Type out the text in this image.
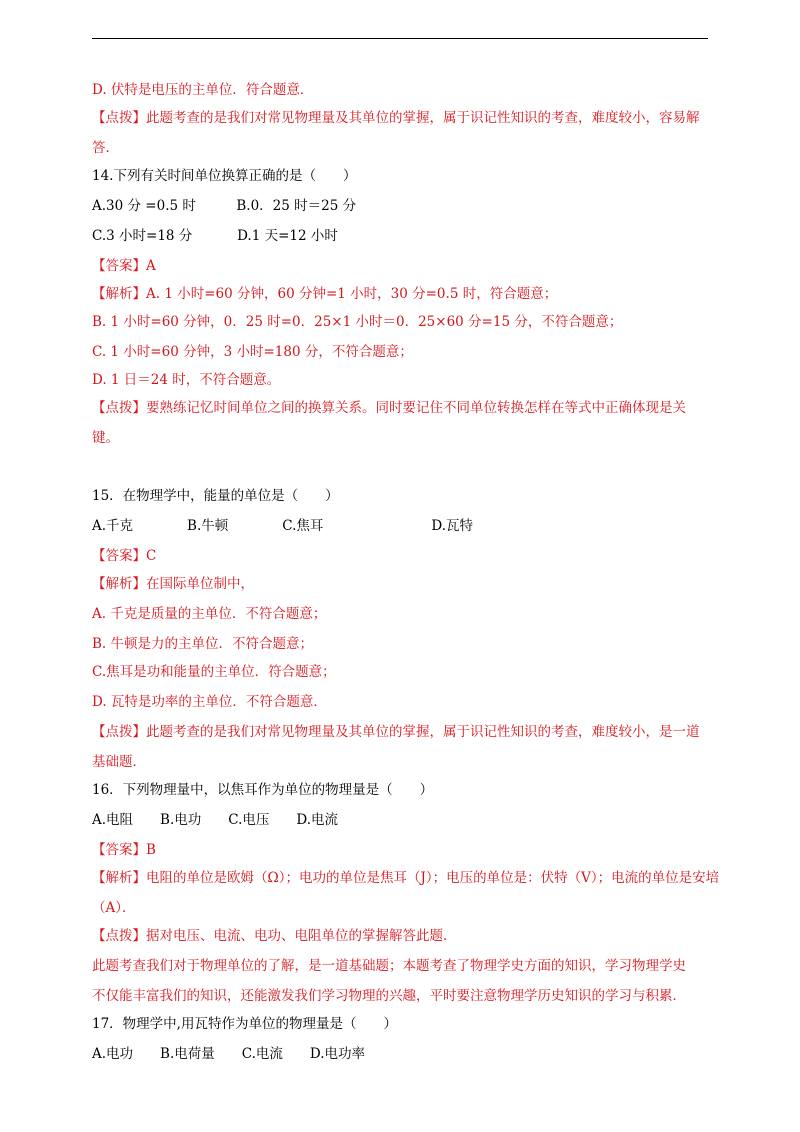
D. 伏特是电压的主单位．符合题意．
【点拨】此题考查的是我们对常见物理量及其单位的掌握，属于识记性知识的考查，难度较小，容易解
答．
14.下列有关时间单位换算正确的是（　　）
A.30 分 =0.5 时　　　B.0．25 时＝25 分
C.3 小时=18 分　　　 D.1 天=12 小时
【答案】A
【解析】A. 1 小时=60 分钟，60 分钟=1 小时，30 分=0.5 时，符合题意；
B. 1 小时=60 分钟，0．25 时=0．25×1 小时＝0．25×60 分=15 分，不符合题意；
C. 1 小时=60 分钟，3 小时=180 分，不符合题意；
D. 1 日＝24 时，不符合题意。
【点拨】要熟练记忆时间单位之间的换算关系。同时要记住不同单位转换怎样在等式中正确体现是关
键。
15．在物理学中，能量的单位是（　　）
A.千克　　　　B.牛顿　　　　C.焦耳　　　　　　　　D.瓦特
【答案】C
【解析】在国际单位制中，
A. 千克是质量的主单位．不符合题意；
B. 牛顿是力的主单位．不符合题意；
C.焦耳是功和能量的主单位．符合题意；
D. 瓦特是功率的主单位．不符合题意．
【点拨】此题考查的是我们对常见物理量及其单位的掌握，属于识记性知识的考查，难度较小，是一道
基础题．
16．下列物理量中，以焦耳作为单位的物理量是（　　）
A.电阻　　B.电功　　C.电压　　D.电流
【答案】B
【解析】电阻的单位是欧姆（Ω）；电功的单位是焦耳（J）；电压的单位是：伏特（V）；电流的单位是安培
（A）．
【点拨】据对电压、电流、电功、电阻单位的掌握解答此题．
此题考查我们对于物理单位的了解，是一道基础题；本题考查了物理学史方面的知识，学习物理学史
不仅能丰富我们的知识，还能激发我们学习物理的兴趣，平时要注意物理学历史知识的学习与积累．
17．物理学中,用瓦特作为单位的物理量是（　　）
A.电功　　B.电荷量　　C.电流　　D.电功率
